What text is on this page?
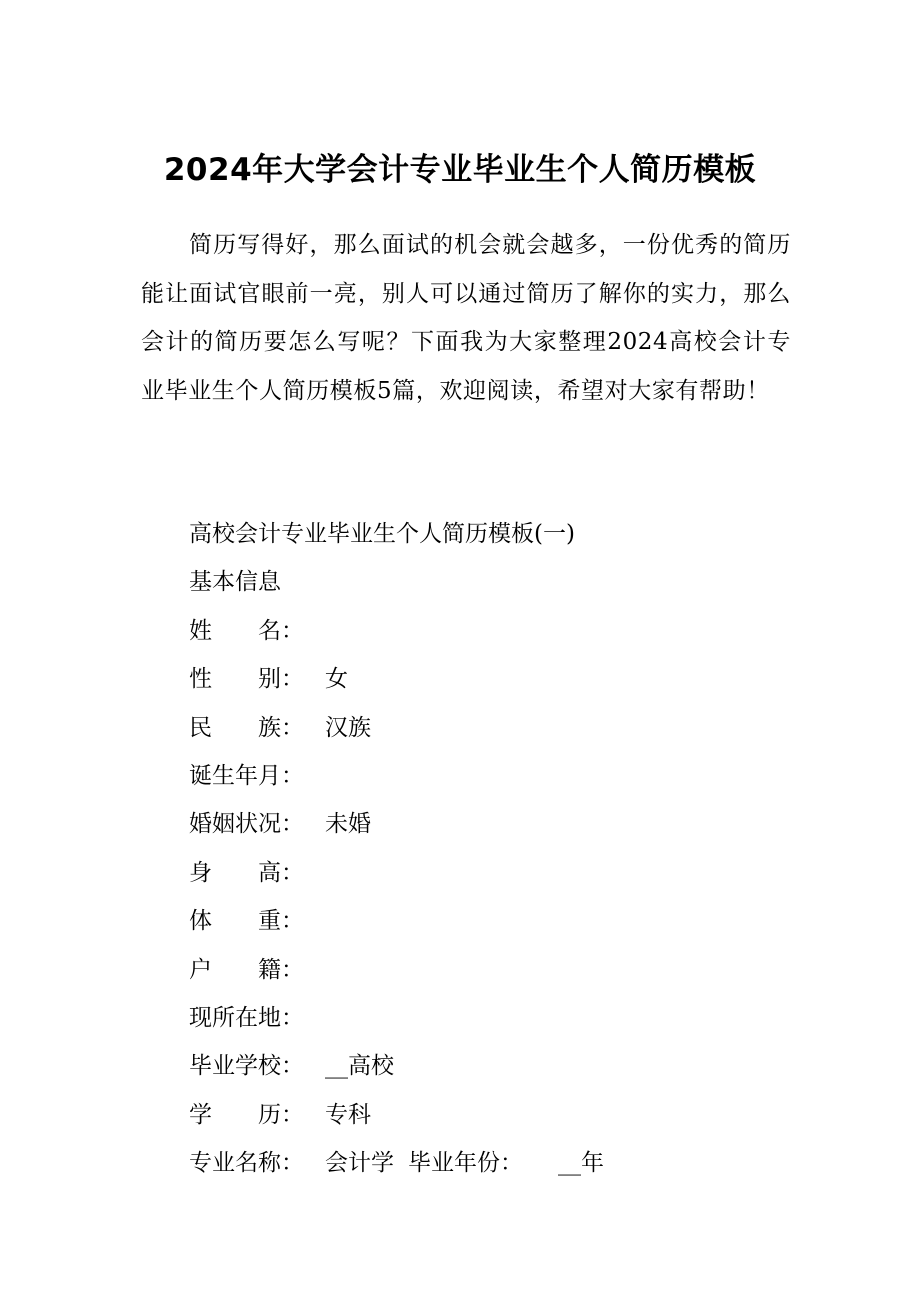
2024年大学会计专业毕业生个人简历模板

简历写得好，那么面试的机会就会越多，一份优秀的简历能让面试官眼前一亮，别人可以通过简历了解你的实力，那么会计的简历要怎么写呢？下面我为大家整理2024高校会计专业毕业生个人简历模板5篇，欢迎阅读，希望对大家有帮助！

高校会计专业毕业生个人简历模板(一)
基本信息
姓　　名：
性　　别： 女
民　　族： 汉族
诞生年月：
婚姻状况： 未婚
身　　高：
体　　重：
户　　籍：
现所在地：
毕业学校： __高校
学　　历： 专科
专业名称： 会计学 毕业年份： __年
